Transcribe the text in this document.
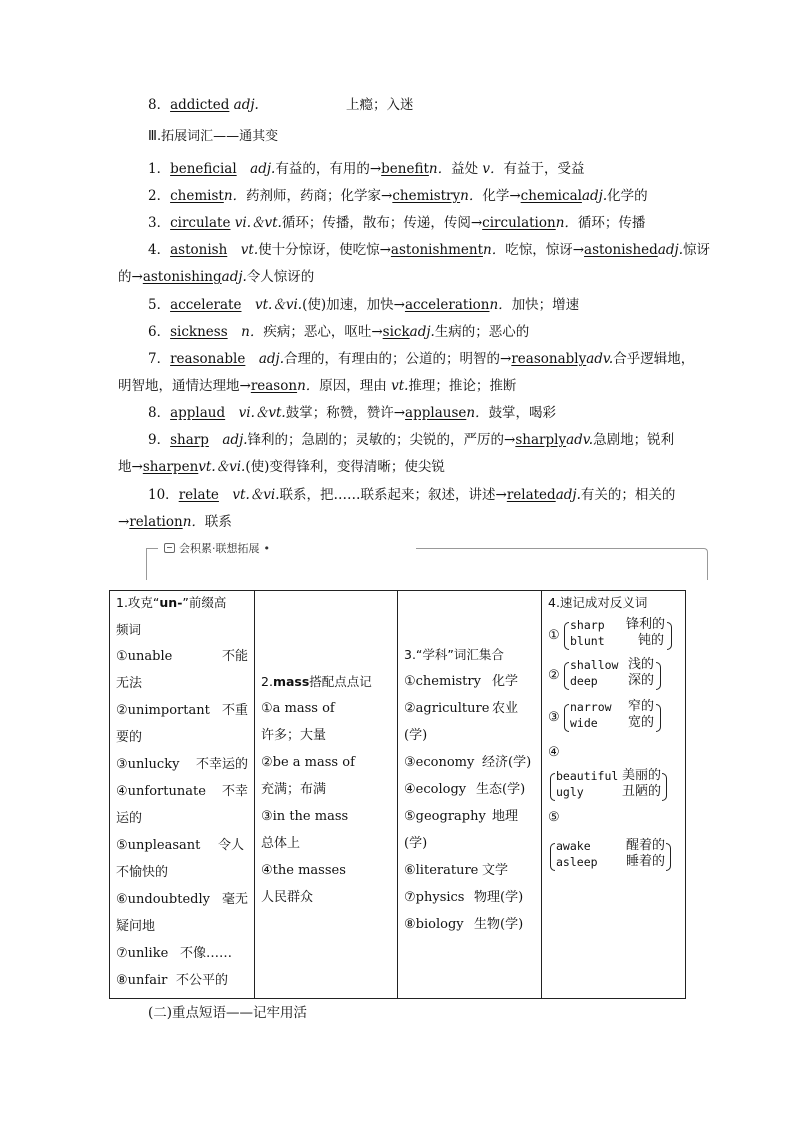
8．addicted adj.	上瘾；入迷
Ⅲ.拓展词汇——通其变
1．beneficial　 adj.有益的，有用的→benefitn．益处 v．有益于，受益
2．chemistn．药剂师，药商；化学家→chemistryn．化学→chemicaladj.化学的
3．circulate vi.＆vt.循环；传播，散布；传递，传阅→circulationn．循环；传播
4．astonish　 vt.使十分惊讶，使吃惊→astonishmentn．吃惊，惊讶→astonishedadj.惊讶
的→astonishingadj.令人惊讶的
5．accelerate　 vt.＆vi.(使)加速，加快→accelerationn．加快；增速
6．sickness　 n．疾病；恶心，呕吐→sickadj.生病的；恶心的
7．reasonable　 adj.合理的，有理由的；公道的；明智的→reasonablyadv.合乎逻辑地，
明智地，通情达理地→reasonn．原因，理由 vt.推理；推论；推断
8．applaud　 vi.＆vt.鼓掌；称赞，赞许→applausen．鼓掌，喝彩
9．sharp　 adj.锋利的；急剧的；灵敏的；尖锐的，严厉的→sharplyadv.急剧地；锐利
地→sharpenvt.＆vi.(使)变得锋利，变得清晰；使尖锐
10．relate　 vt.＆vi.联系，把……联系起来；叙述，讲述→relatedadj.有关的；相关的
→relationn．联系
会积累·联想拓展 •
1.攻克“un-”前缀高
频词
①unable	不能
无法
②unimportant 不重
要的
③unlucky 不幸运的
④unfortunate 不幸
运的
⑤unpleasant 令人
不愉快的
⑥undoubtedly 毫无
疑问地
⑦unlike 不像……
⑧unfair 不公平的

2.mass搭配点点记
①a mass of
许多；大量
②be a mass of
充满；布满
③in the mass
总体上
④the masses
人民群众

3.“学科”词汇集合
①chemistry 化学
②agriculture 农业
(学)
③economy 经济(学)
④ecology 生态(学)
⑤geography 地理
(学)
⑥literature 文学
⑦physics 物理(学)
⑧biology 生物(学)

4.速记成对反义词
①
sharp 锋利的
blunt	钝的
②
shallow 浅的
deep 深的
③
narrow 窄的
wide 宽的
④
beautiful 美丽的
ugly	丑陋的
⑤
awake	醒着的
asleep 睡着的
(二)重点短语——记牢用活
